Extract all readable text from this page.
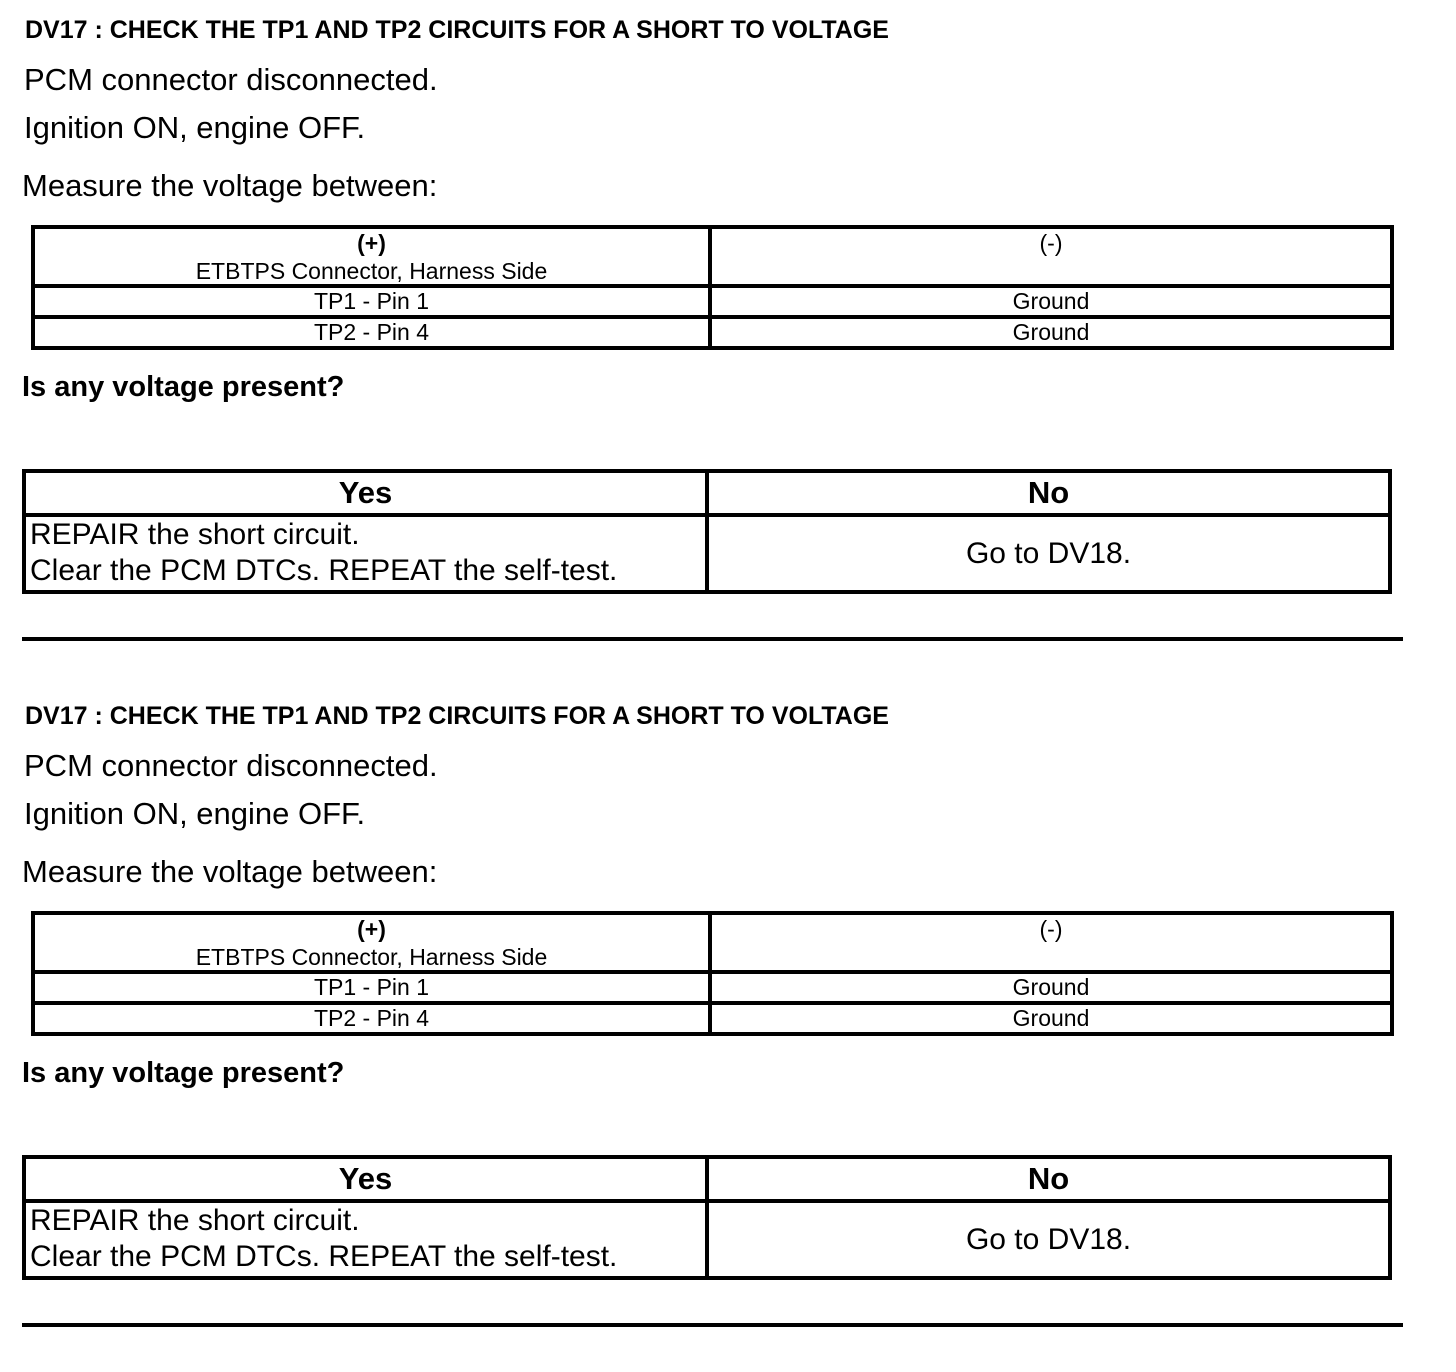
DV17 : CHECK THE TP1 AND TP2 CIRCUITS FOR A SHORT TO VOLTAGE

PCM connector disconnected.

Ignition ON, engine OFF.

Measure the voltage between:

(+)
ETBTPS Connector, Harness Side	(-)

TP1 - Pin 1	Ground
TP2 - Pin 4	Ground

Is any voltage present?

Yes	No

REPAIR the short circuit.
Clear the PCM DTCs. REPEAT the self-test.	Go to DV18.
DV17 : CHECK THE TP1 AND TP2 CIRCUITS FOR A SHORT TO VOLTAGE

PCM connector disconnected.

Ignition ON, engine OFF.

Measure the voltage between:

(+)
ETBTPS Connector, Harness Side	(-)

TP1 - Pin 1	Ground
TP2 - Pin 4	Ground

Is any voltage present?

Yes	No

REPAIR the short circuit.
Clear the PCM DTCs. REPEAT the self-test.	Go to DV18.
